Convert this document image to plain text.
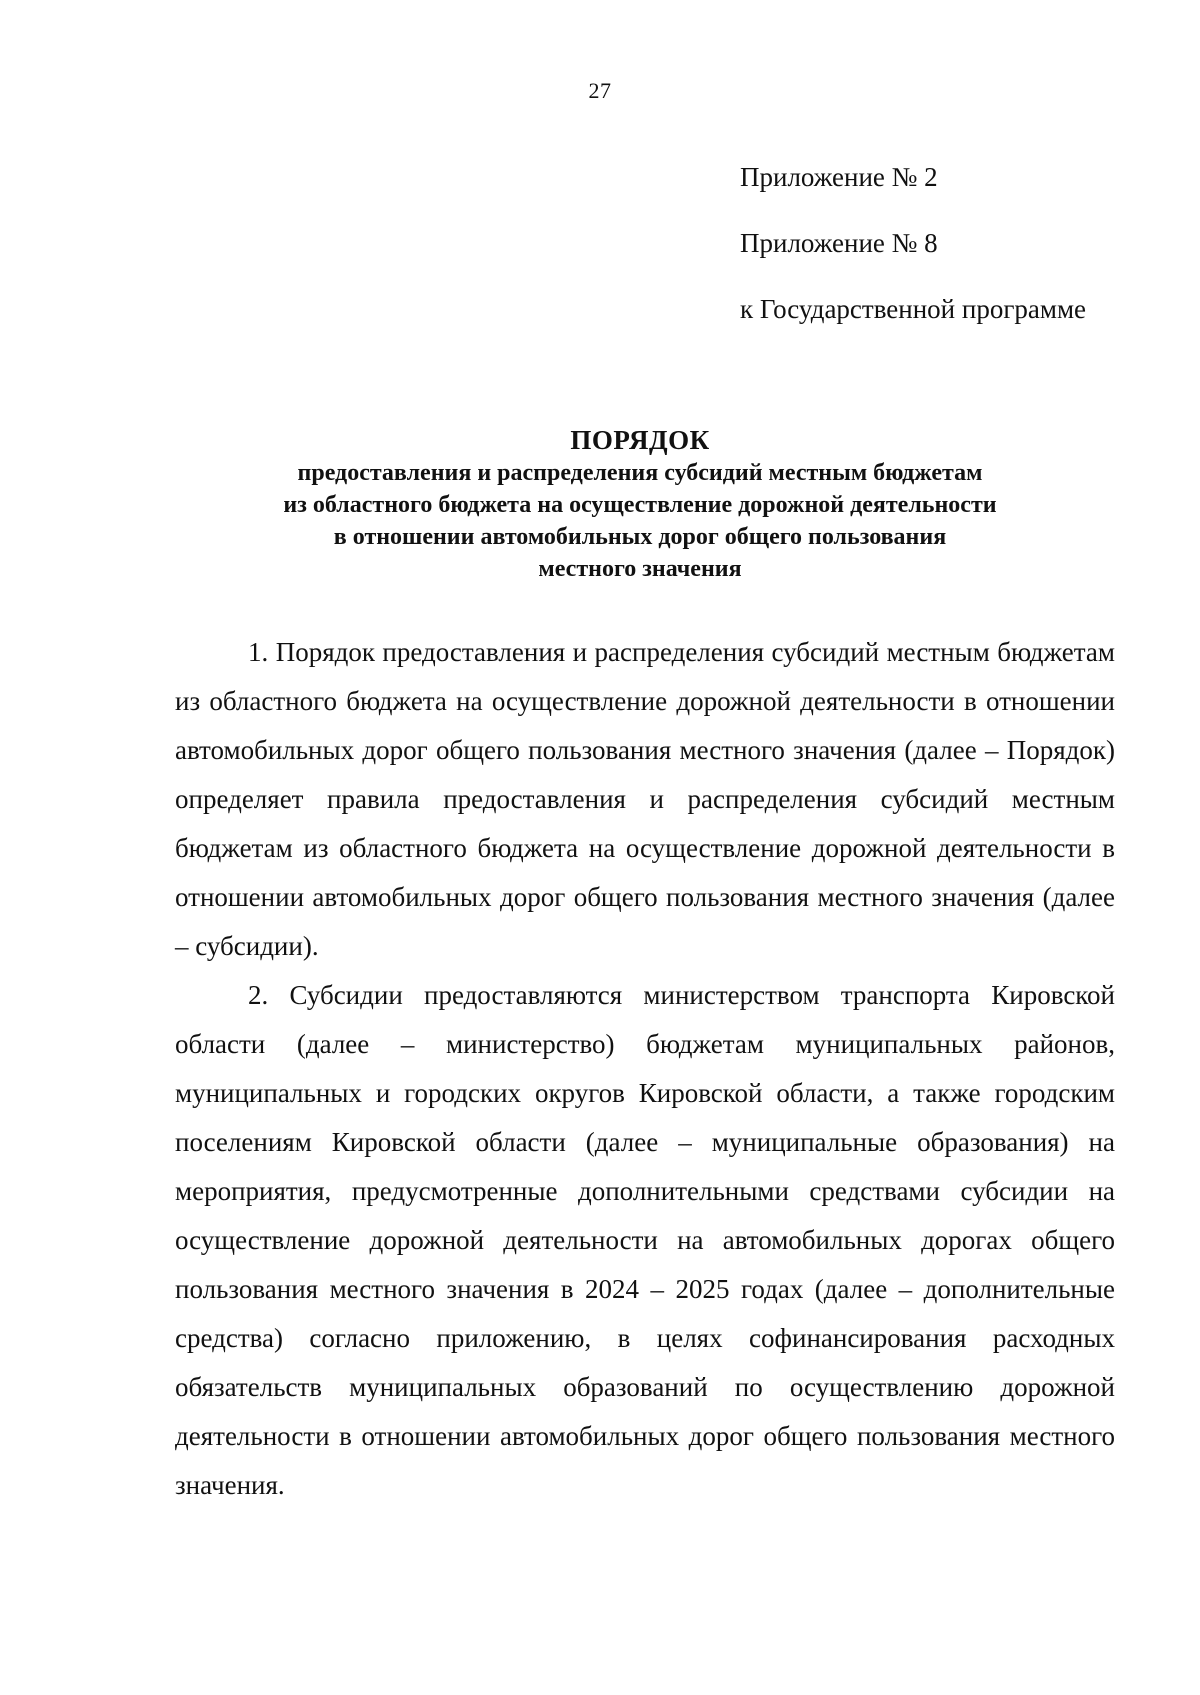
27
Приложение № 2
Приложение № 8
к Государственной программе
ПОРЯДОК
предоставления и распределения субсидий местным бюджетам
из областного бюджета на осуществление дорожной деятельности
в отношении автомобильных дорог общего пользования
местного значения

1. Порядок предоставления и распределения субсидий местным бюджетам из областного бюджета на осуществление дорожной деятельности в отношении автомобильных дорог общего пользования местного значения (далее – Порядок) определяет правила предоставления и распределения субсидий местным бюджетам из областного бюджета на осуществление дорожной деятельности в отношении автомобильных дорог общего пользования местного значения (далее – субсидии).

2. Субсидии предоставляются министерством транспорта Кировской области (далее – министерство) бюджетам муниципальных районов, муниципальных и городских округов Кировской области, а также городским поселениям Кировской области (далее – муниципальные образования) на мероприятия, предусмотренные дополнительными средствами субсидии на осуществление дорожной деятельности на автомобильных дорогах общего пользования местного значения в 2024 – 2025 годах (далее – дополнительные средства) согласно приложению, в целях софинансирования расходных обязательств муниципальных образований по осуществлению дорожной деятельности в отношении автомобильных дорог общего пользования местного значения.
